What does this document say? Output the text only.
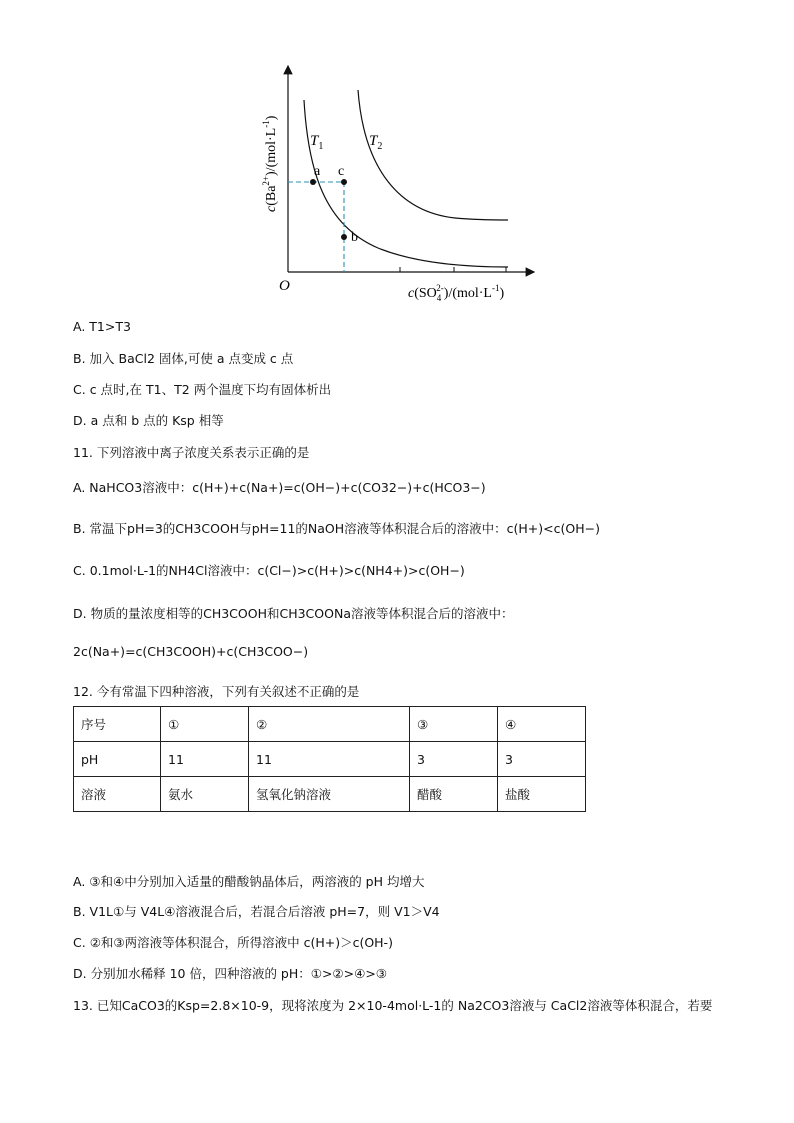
$T_1$	$T_2$
a c
b
O
$c(Ba^{2+})/(mol\cdot L^{-1})$
$c(SO_42-)/(mol\cdot L^{-1})$
A. T1>T3
B. 加入 BaCl2 固体,可使 a 点变成 c 点
C. c 点时,在 T1、T2 两个温度下均有固体析出
D. a 点和 b 点的 Ksp 相等
11. 下列溶液中离子浓度关系表示正确的是
A. NaHCO3溶液中：c(H+)+c(Na+)=c(OH−)+c(CO32−)+c(HCO3−)
B. 常温下pH=3的CH3COOH与pH=11的NaOH溶液等体积混合后的溶液中：c(H+)<c(OH−)
C. 0.1mol·L-1的NH4Cl溶液中：c(Cl−)>c(H+)>c(NH4+)>c(OH−)
D. 物质的量浓度相等的CH3COOH和CH3COONa溶液等体积混合后的溶液中：
2c(Na+)=c(CH3COOH)+c(CH3COO−)
12. 今有常温下四种溶液，下列有关叙述不正确的是
序号	①	②	③	④
pH	11	11	3	3
溶液	氨水	氢氧化钠溶液	醋酸	盐酸
A. ③和④中分别加入适量的醋酸钠晶体后，两溶液的 pH 均增大
B. V1L①与 V4L④溶液混合后，若混合后溶液 pH=7，则 V1＞V4
C. ②和③两溶液等体积混合，所得溶液中 c(H+)＞c(OH-)
D. 分别加水稀释 10 倍，四种溶液的 pH：①>②>④>③
13. 已知CaCO3的Ksp=2.8×10-9，现将浓度为 2×10-4mol·L-1的 Na2CO3溶液与 CaCl2溶液等体积混合，若要
